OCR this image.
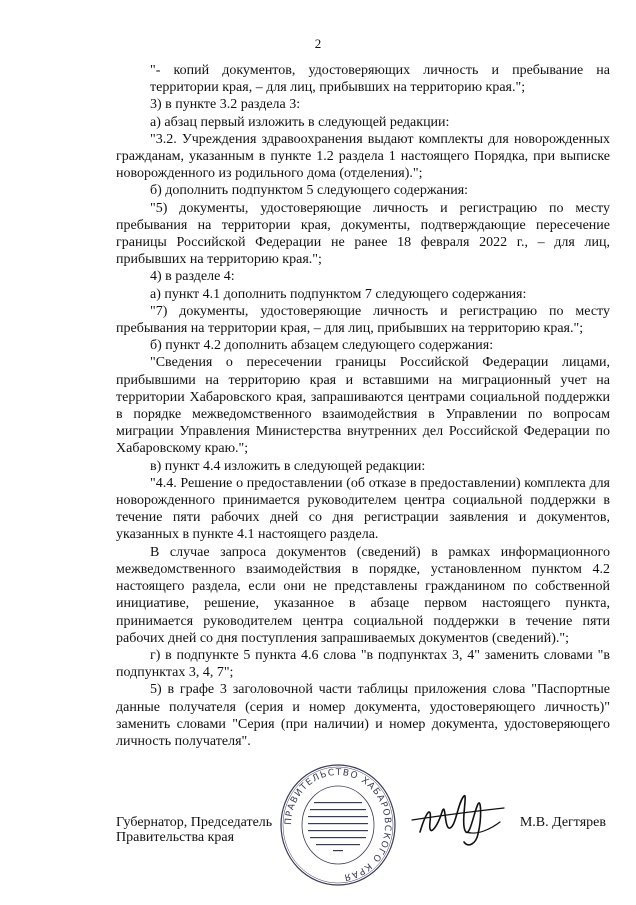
2

"- копий документов, удостоверяющих личность и пребывание на территории края, – для лиц, прибывших на территорию края.";

3) в пункте 3.2 раздела 3:

а) абзац первый изложить в следующей редакции:

"3.2. Учреждения здравоохранения выдают комплекты для новорожденных гражданам, указанным в пункте 1.2 раздела 1 настоящего Порядка, при выписке новорожденного из родильного дома (отделения).";

б) дополнить подпунктом 5 следующего содержания:

"5) документы, удостоверяющие личность и регистрацию по месту пребывания на территории края, документы, подтверждающие пересечение границы Российской Федерации не ранее 18 февраля 2022 г., – для лиц, прибывших на территорию края.";

4) в разделе 4:

а) пункт 4.1 дополнить подпунктом 7 следующего содержания:

"7) документы, удостоверяющие личность и регистрацию по месту пребывания на территории края, – для лиц, прибывших на территорию края.";

б) пункт 4.2 дополнить абзацем следующего содержания:

"Сведения о пересечении границы Российской Федерации лицами, прибывшими на территорию края и вставшими на миграционный учет на территории Хабаровского края, запрашиваются центрами социальной поддержки в порядке межведомственного взаимодействия в Управлении по вопросам миграции Управления Министерства внутренних дел Российской Федерации по Хабаровскому краю.";

в) пункт 4.4 изложить в следующей редакции:

"4.4. Решение о предоставлении (об отказе в предоставлении) комплекта для новорожденного принимается руководителем центра социальной поддержки в течение пяти рабочих дней со дня регистрации заявления и документов, указанных в пункте 4.1 настоящего раздела.

В случае запроса документов (сведений) в рамках информационного межведомственного взаимодействия в порядке, установленном пунктом 4.2 настоящего раздела, если они не представлены гражданином по собственной инициативе, решение, указанное в абзаце первом настоящего пункта, принимается руководителем центра социальной поддержки в течение пяти рабочих дней со дня поступления запрашиваемых документов (сведений).";

г) в подпункте 5 пункта 4.6 слова "в подпунктах 3, 4" заменить словами "в подпунктах 3, 4, 7";

5) в графе 3 заголовочной части таблицы приложения слова "Паспортные данные получателя (серия и номер документа, удостоверяющего личность)" заменить словами "Серия (при наличии) и номер документа, удостоверяющего личность получателя".

Губернатор, Председатель
Правительства края
М.В. Дегтярев
ПРАВИТЕЛЬСТВО ХАБАРОВСКОГО КРАЯ
